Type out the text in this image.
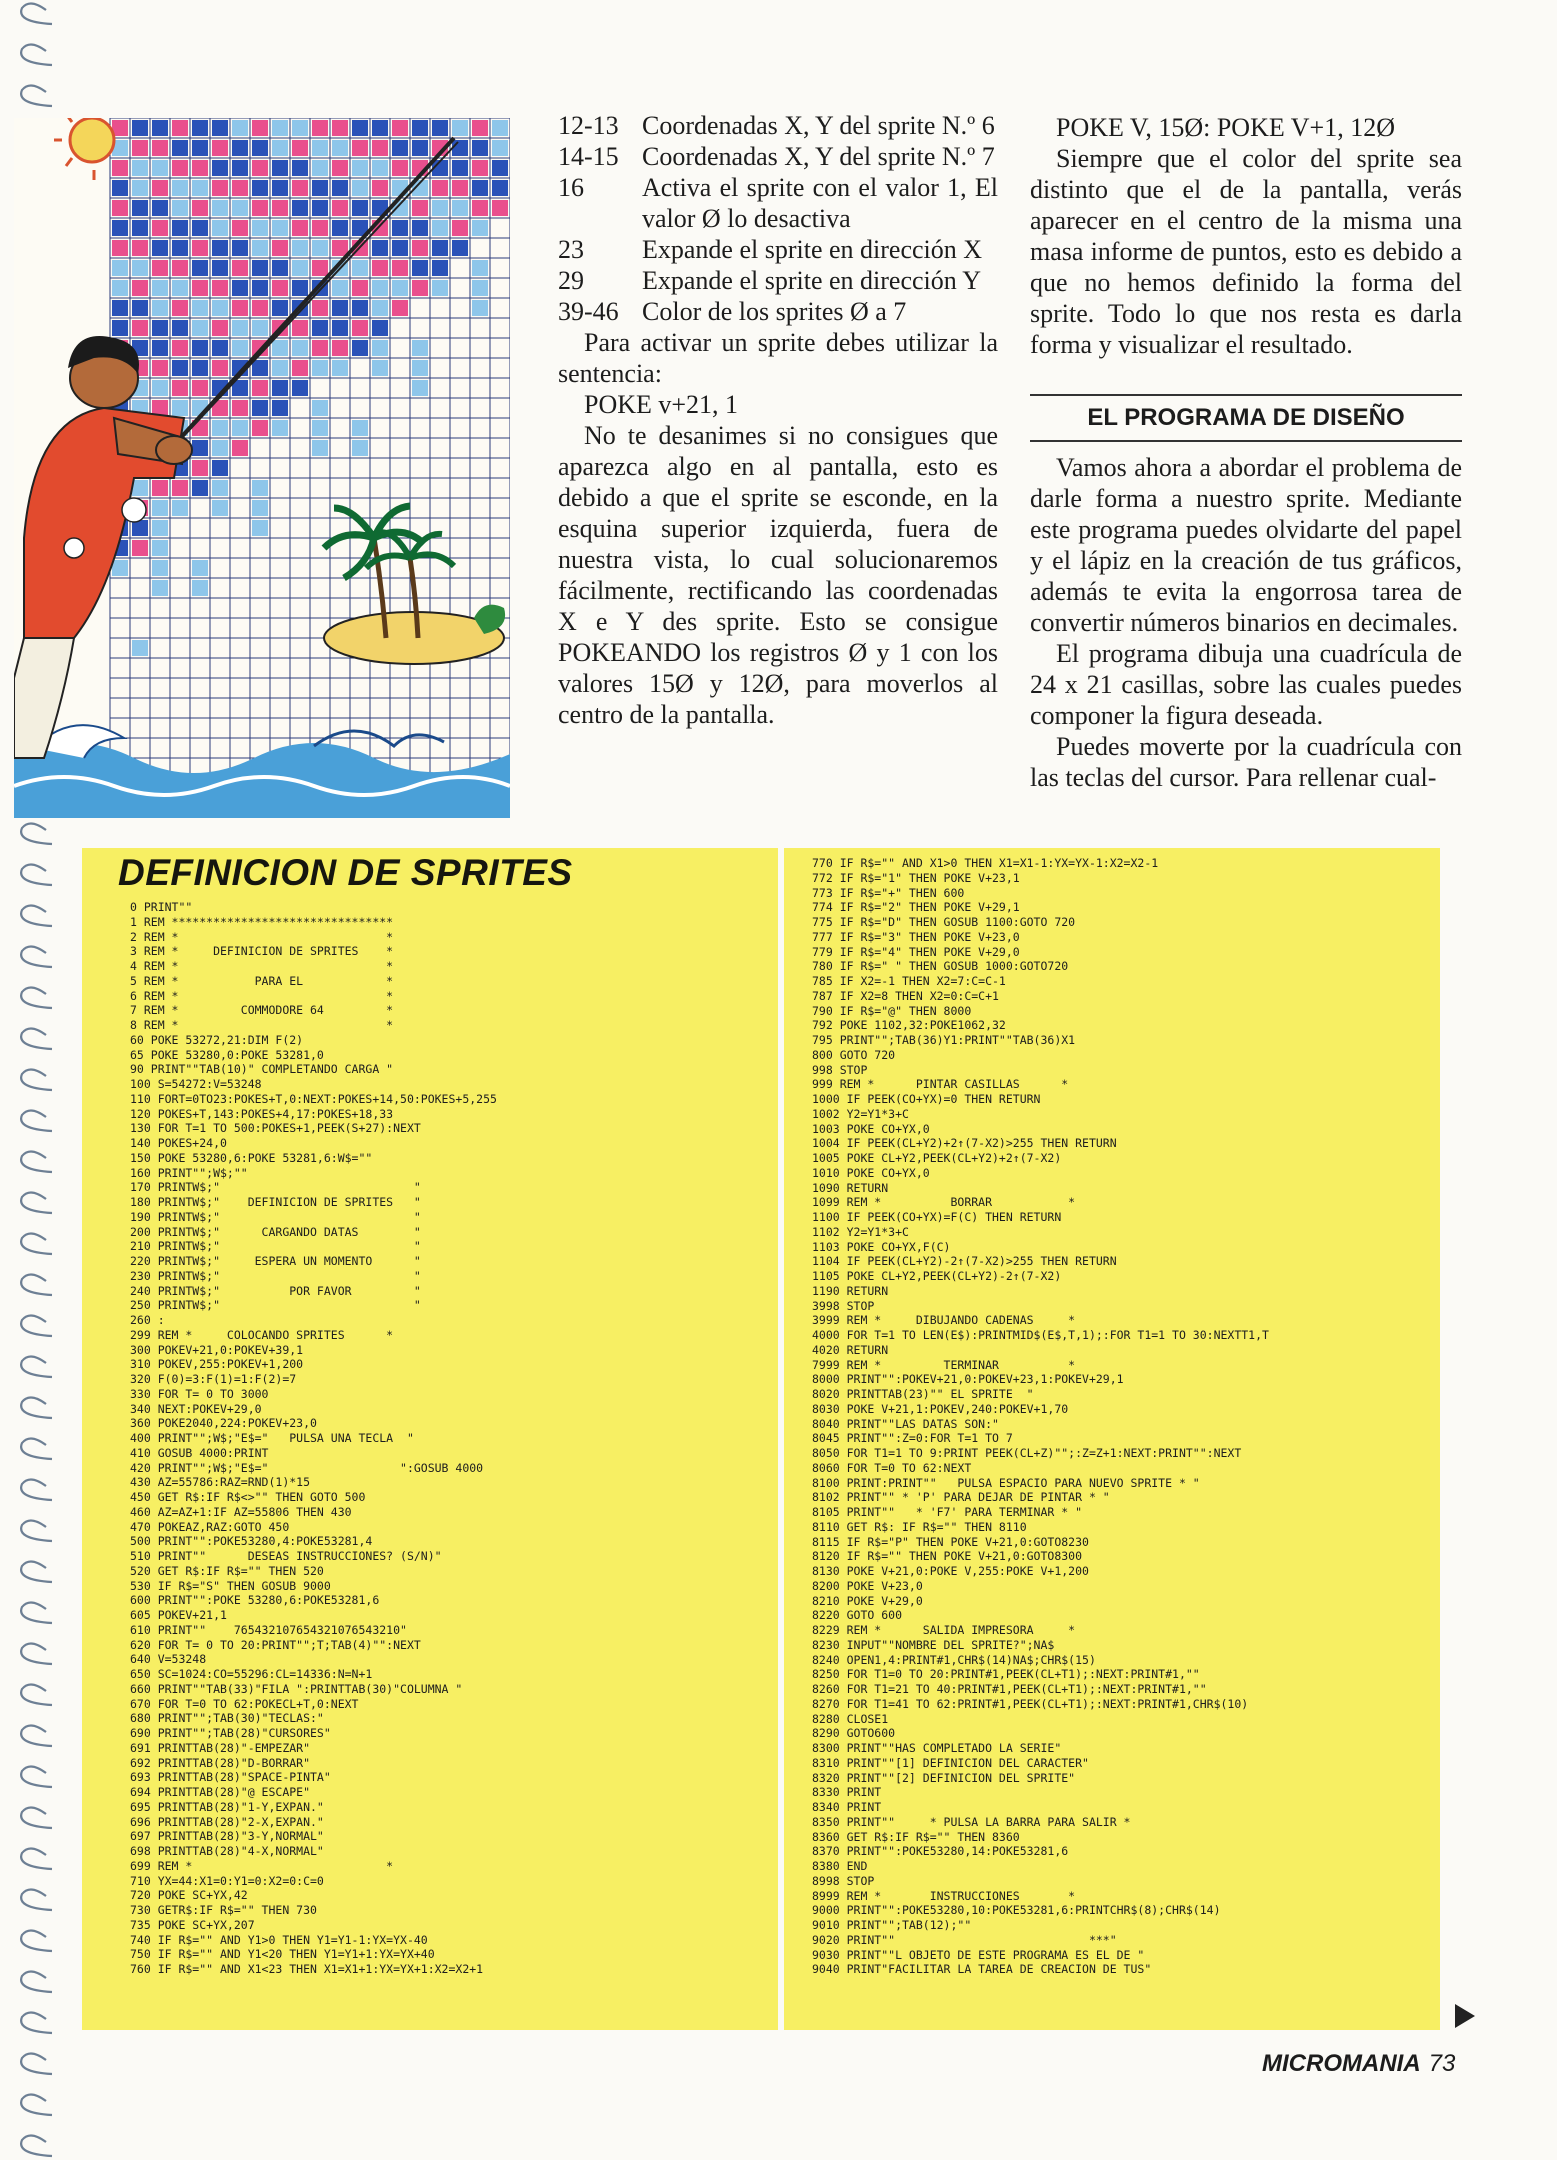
12-13 Coordenadas X, Y del sprite N.º 6
14-15 Coordenadas X, Y del sprite N.º 7
16	Activa el sprite con el valor 1, El valor Ø lo desactiva
23	Expande el sprite en dirección X
29	Expande el sprite en dirección Y
39-46 Color de los sprites Ø a 7

Para activar un sprite debes utilizar la sentencia:

POKE v+21, 1

No te desanimes si no consigues que aparezca algo en al pantalla, esto es debido a que el sprite se esconde, en la esquina superior izquierda, fuera de nuestra vista, lo cual solucionaremos fácilmente, rectificando las coordenadas X e Y des sprite. Esto se consigue POKEANDO los registros Ø y 1 con los valores 15Ø y 12Ø, para moverlos al centro de la pantalla.

POKE V, 15Ø: POKE V+1, 12Ø

Siempre que el color del sprite sea distinto que el de la pantalla, verás aparecer en el centro de la misma una masa informe de puntos, esto es debido a que no hemos definido la forma del sprite. Todo lo que nos resta es darla forma y visualizar el resultado.

EL PROGRAMA DE DISEÑO

Vamos ahora a abordar el problema de darle forma a nuestro sprite. Mediante este programa puedes olvidarte del papel y el lápiz en la creación de tus gráficos, además te evita la engorrosa tarea de convertir números binarios en decimales.

El programa dibuja una cuadrícula de 24 x 21 casillas, sobre las cuales puedes componer la figura deseada.

Puedes moverte por la cuadrícula con las teclas del cursor. Para rellenar cual-

DEFINICION DE SPRITES
0 PRINT""
1 REM ********************************
2 REM *                              *
3 REM *     DEFINICION DE SPRITES    *
4 REM *                              *
5 REM *           PARA EL            *
6 REM *                              *
7 REM *         COMMODORE 64         *
8 REM *                              *
60 POKE 53272,21:DIM F(2)
65 POKE 53280,0:POKE 53281,0
90 PRINT""TAB(10)" COMPLETANDO CARGA "
100 S=54272:V=53248
110 FORT=0TO23:POKES+T,0:NEXT:POKES+14,50:POKES+5,255
120 POKES+T,143:POKES+4,17:POKES+18,33
130 FOR T=1 TO 500:POKES+1,PEEK(S+27):NEXT
140 POKES+24,0
150 POKE 53280,6:POKE 53281,6:W$=""
160 PRINT"";W$;""
170 PRINTW$;"                            "
180 PRINTW$;"    DEFINICION DE SPRITES   "
190 PRINTW$;"                            "
200 PRINTW$;"      CARGANDO DATAS        "
210 PRINTW$;"                            "
220 PRINTW$;"     ESPERA UN MOMENTO      "
230 PRINTW$;"                            "
240 PRINTW$;"          POR FAVOR         "
250 PRINTW$;"                            "
260 :
299 REM *     COLOCANDO SPRITES      *
300 POKEV+21,0:POKEV+39,1
310 POKEV,255:POKEV+1,200
320 F(0)=3:F(1)=1:F(2)=7
330 FOR T= 0 TO 3000
340 NEXT:POKEV+29,0
360 POKE2040,224:POKEV+23,0
400 PRINT"";W$;"E$="   PULSA UNA TECLA  "
410 GOSUB 4000:PRINT
420 PRINT"";W$;"E$="                   ":GOSUB 4000
430 AZ=55786:RAZ=RND(1)*15
450 GET R$:IF R$<>"" THEN GOTO 500
460 AZ=AZ+1:IF AZ=55806 THEN 430
470 POKEAZ,RAZ:GOTO 450
500 PRINT"":POKE53280,4:POKE53281,4
510 PRINT""      DESEAS INSTRUCCIONES? (S/N)"
520 GET R$:IF R$="" THEN 520
530 IF R$="S" THEN GOSUB 9000
600 PRINT"":POKE 53280,6:POKE53281,6
605 POKEV+21,1
610 PRINT""    765432107654321076543210"
620 FOR T= 0 TO 20:PRINT"";T;TAB(4)"":NEXT
640 V=53248
650 SC=1024:CO=55296:CL=14336:N=N+1
660 PRINT""TAB(33)"FILA ":PRINTTAB(30)"COLUMNA "
670 FOR T=0 TO 62:POKECL+T,0:NEXT
680 PRINT"";TAB(30)"TECLAS:"
690 PRINT"";TAB(28)"CURSORES"
691 PRINTTAB(28)"-EMPEZAR"
692 PRINTTAB(28)"D-BORRAR"
693 PRINTTAB(28)"SPACE-PINTA"
694 PRINTTAB(28)"@ ESCAPE"
695 PRINTTAB(28)"1-Y,EXPAN."
696 PRINTTAB(28)"2-X,EXPAN."
697 PRINTTAB(28)"3-Y,NORMAL"
698 PRINTTAB(28)"4-X,NORMAL"
699 REM *                            *
710 YX=44:X1=0:Y1=0:X2=0:C=0
720 POKE SC+YX,42
730 GETR$:IF R$="" THEN 730
735 POKE SC+YX,207
740 IF R$="" AND Y1>0 THEN Y1=Y1-1:YX=YX-40
750 IF R$="" AND Y1<20 THEN Y1=Y1+1:YX=YX+40
760 IF R$="" AND X1<23 THEN X1=X1+1:YX=YX+1:X2=X2+1
770 IF R$="" AND X1>0 THEN X1=X1-1:YX=YX-1:X2=X2-1
772 IF R$="1" THEN POKE V+23,1
773 IF R$="+" THEN 600
774 IF R$="2" THEN POKE V+29,1
775 IF R$="D" THEN GOSUB 1100:GOTO 720
777 IF R$="3" THEN POKE V+23,0
779 IF R$="4" THEN POKE V+29,0
780 IF R$=" " THEN GOSUB 1000:GOTO720
785 IF X2=-1 THEN X2=7:C=C-1
787 IF X2=8 THEN X2=0:C=C+1
790 IF R$="@" THEN 8000
792 POKE 1102,32:POKE1062,32
795 PRINT"";TAB(36)Y1:PRINT""TAB(36)X1
800 GOTO 720
998 STOP
999 REM *      PINTAR CASILLAS      *
1000 IF PEEK(CO+YX)=0 THEN RETURN
1002 Y2=Y1*3+C
1003 POKE CO+YX,0
1004 IF PEEK(CL+Y2)+2↑(7-X2)>255 THEN RETURN
1005 POKE CL+Y2,PEEK(CL+Y2)+2↑(7-X2)
1010 POKE CO+YX,0
1090 RETURN
1099 REM *          BORRAR           *
1100 IF PEEK(CO+YX)=F(C) THEN RETURN
1102 Y2=Y1*3+C
1103 POKE CO+YX,F(C)
1104 IF PEEK(CL+Y2)-2↑(7-X2)>255 THEN RETURN
1105 POKE CL+Y2,PEEK(CL+Y2)-2↑(7-X2)
1190 RETURN
3998 STOP
3999 REM *     DIBUJANDO CADENAS     *
4000 FOR T=1 TO LEN(E$):PRINTMID$(E$,T,1);:FOR T1=1 TO 30:NEXTT1,T
4020 RETURN
7999 REM *         TERMINAR          *
8000 PRINT"":POKEV+21,0:POKEV+23,1:POKEV+29,1
8020 PRINTTAB(23)"" EL SPRITE  "
8030 POKE V+21,1:POKEV,240:POKEV+1,70
8040 PRINT""LAS DATAS SON:"
8045 PRINT"":Z=0:FOR T=1 TO 7
8050 FOR T1=1 TO 9:PRINT PEEK(CL+Z)"";:Z=Z+1:NEXT:PRINT"":NEXT
8060 FOR T=0 TO 62:NEXT
8100 PRINT:PRINT""   PULSA ESPACIO PARA NUEVO SPRITE * "
8102 PRINT"" * 'P' PARA DEJAR DE PINTAR * "
8105 PRINT""   * 'F7' PARA TERMINAR * "
8110 GET R$: IF R$="" THEN 8110
8115 IF R$="P" THEN POKE V+21,0:GOTO8230
8120 IF R$="" THEN POKE V+21,0:GOTO8300
8130 POKE V+21,0:POKE V,255:POKE V+1,200
8200 POKE V+23,0
8210 POKE V+29,0
8220 GOTO 600
8229 REM *      SALIDA IMPRESORA     *
8230 INPUT""NOMBRE DEL SPRITE?";NA$
8240 OPEN1,4:PRINT#1,CHR$(14)NA$;CHR$(15)
8250 FOR T1=0 TO 20:PRINT#1,PEEK(CL+T1);:NEXT:PRINT#1,""
8260 FOR T1=21 TO 40:PRINT#1,PEEK(CL+T1);:NEXT:PRINT#1,""
8270 FOR T1=41 TO 62:PRINT#1,PEEK(CL+T1);:NEXT:PRINT#1,CHR$(10)
8280 CLOSE1
8290 GOTO600
8300 PRINT""HAS COMPLETADO LA SERIE"
8310 PRINT""[1] DEFINICION DEL CARACTER"
8320 PRINT""[2] DEFINICION DEL SPRITE"
8330 PRINT
8340 PRINT
8350 PRINT""     * PULSA LA BARRA PARA SALIR *
8360 GET R$:IF R$="" THEN 8360
8370 PRINT"":POKE53280,14:POKE53281,6
8380 END
8998 STOP
8999 REM *       INSTRUCCIONES       *
9000 PRINT"":POKE53280,10:POKE53281,6:PRINTCHR$(8);CHR$(14)
9010 PRINT"";TAB(12);""
9020 PRINT""                            ***"
9030 PRINT""L OBJETO DE ESTE PROGRAMA ES EL DE "
9040 PRINT"FACILITAR LA TAREA DE CREACION DE TUS"
MICROMANIA 73
